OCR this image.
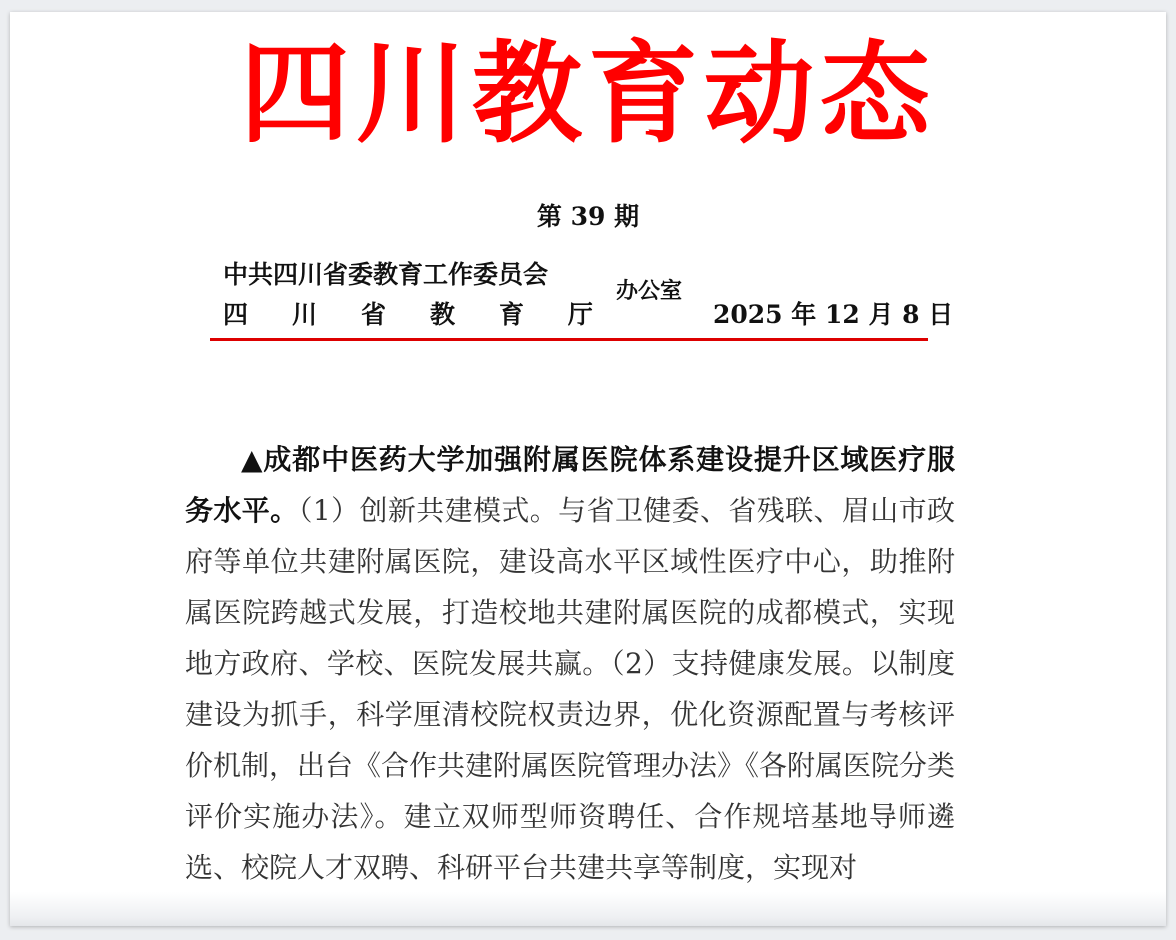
四川教育动态
第 39 期
中共四川省委教育工作委员会
四 川 省 教 育 厅
办公室
2025 年 12 月 8 日
▲成都中医药大学加强附属医院体系建设提升区域医疗服务水平。（1）创新共建模式。与省卫健委、省残联、眉山市政府等单位共建附属医院，建设高水平区域性医疗中心，助推附属医院跨越式发展，打造校地共建附属医院的成都模式，实现地方政府、学校、医院发展共赢。（2）支持健康发展。以制度建设为抓手，科学厘清校院权责边界，优化资源配置与考核评价机制，出台《合作共建附属医院管理办法》《各附属医院分类评价实施办法》。建立双师型师资聘任、合作规培基地导师遴选、校院人才双聘、科研平台共建共享等制度，实现对
